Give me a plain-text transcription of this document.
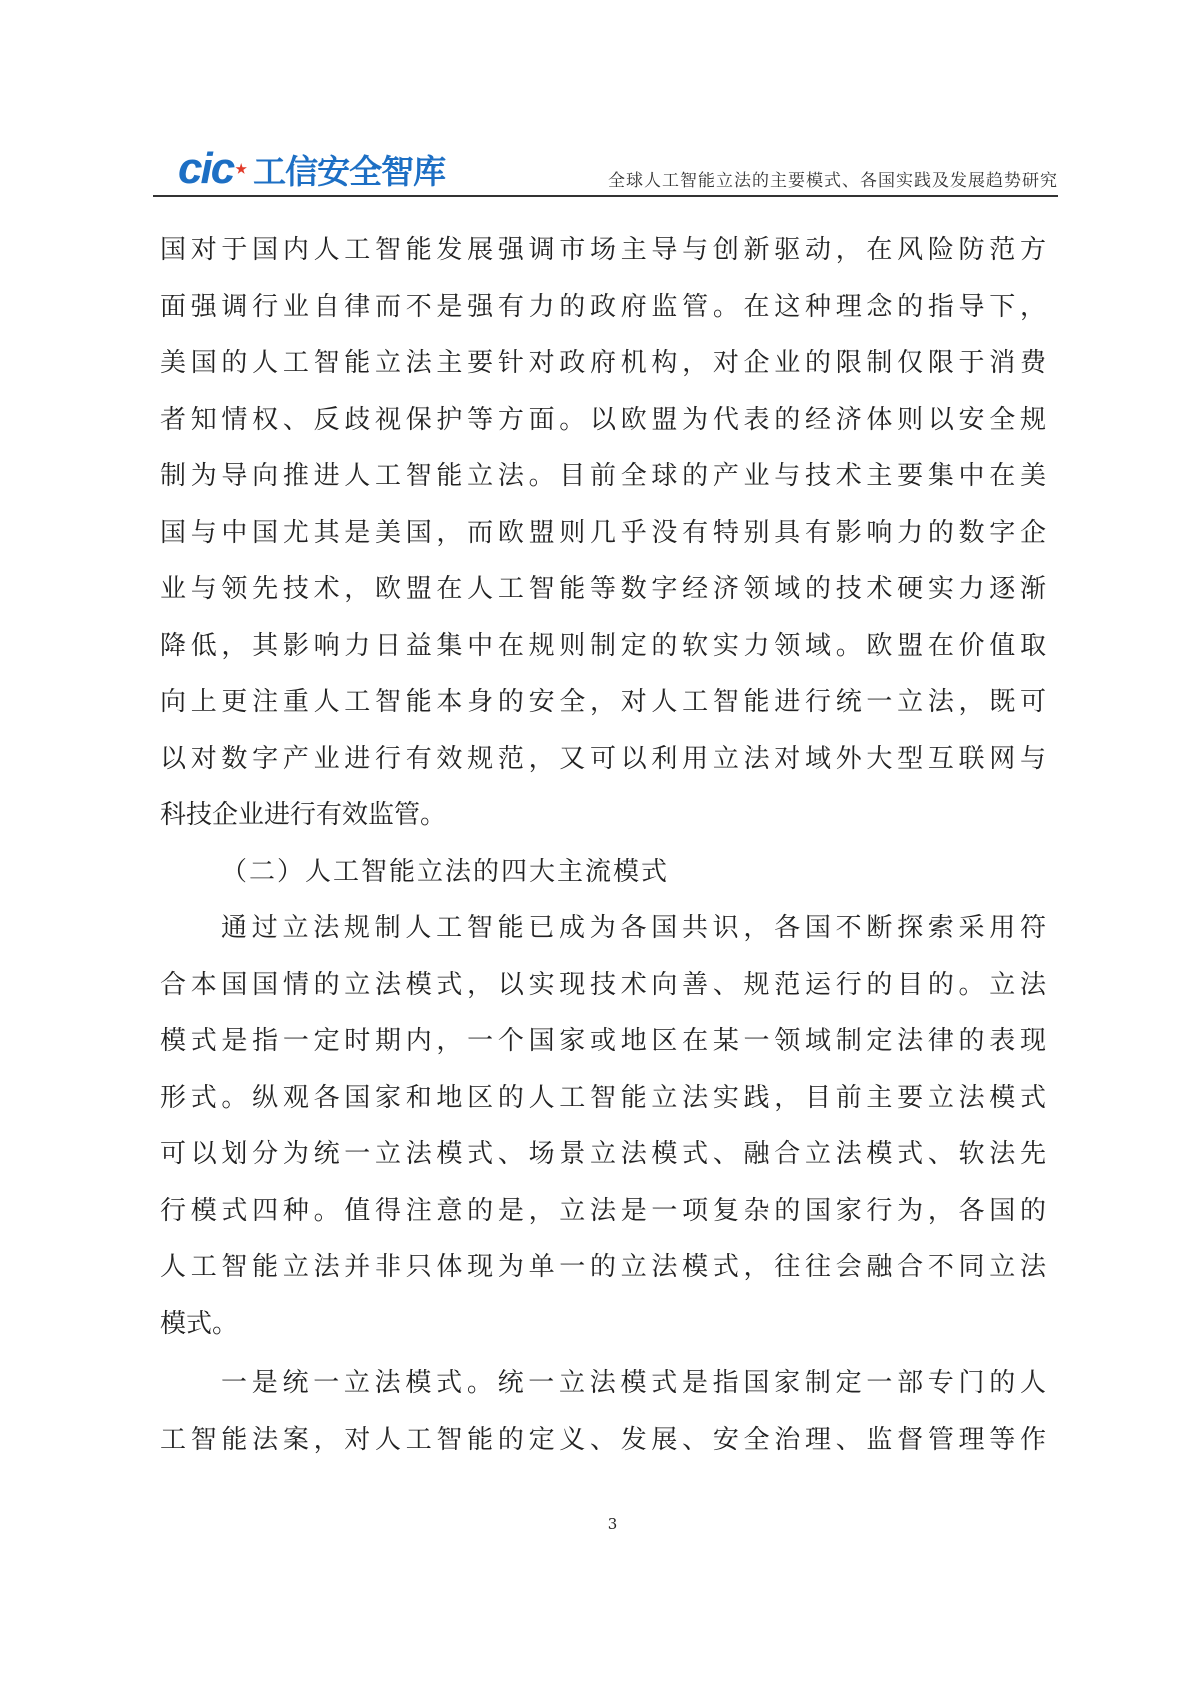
cic 工信安全智库	全球人工智能立法的主要模式、各国实践及发展趋势研究
国对于国内人工智能发展强调市场主导与创新驱动，在风险防范方
面强调行业自律而不是强有力的政府监管。在这种理念的指导下，
美国的人工智能立法主要针对政府机构，对企业的限制仅限于消费
者知情权、反歧视保护等方面。以欧盟为代表的经济体则以安全规
制为导向推进人工智能立法。目前全球的产业与技术主要集中在美
国与中国尤其是美国，而欧盟则几乎没有特别具有影响力的数字企
业与领先技术，欧盟在人工智能等数字经济领域的技术硬实力逐渐
降低，其影响力日益集中在规则制定的软实力领域。欧盟在价值取
向上更注重人工智能本身的安全，对人工智能进行统一立法，既可
以对数字产业进行有效规范，又可以利用立法对域外大型互联网与
科技企业进行有效监管。
（二）人工智能立法的四大主流模式
通过立法规制人工智能已成为各国共识，各国不断探索采用符
合本国国情的立法模式，以实现技术向善、规范运行的目的。立法
模式是指一定时期内，一个国家或地区在某一领域制定法律的表现
形式。纵观各国家和地区的人工智能立法实践，目前主要立法模式
可以划分为统一立法模式、场景立法模式、融合立法模式、软法先
行模式四种。值得注意的是，立法是一项复杂的国家行为，各国的
人工智能立法并非只体现为单一的立法模式，往往会融合不同立法
模式。
一是统一立法模式。统一立法模式是指国家制定一部专门的人
工智能法案，对人工智能的定义、发展、安全治理、监督管理等作
3
